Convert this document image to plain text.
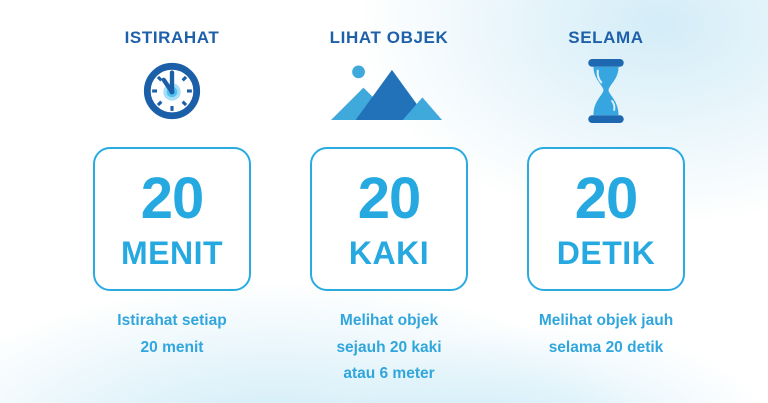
ISTIRAHAT
20
MENIT
Istirahat setiap
20 menit
LIHAT OBJEK
20
KAKI
Melihat objek
sejauh 20 kaki
atau 6 meter
SELAMA
20
DETIK
Melihat objek jauh
selama 20 detik
